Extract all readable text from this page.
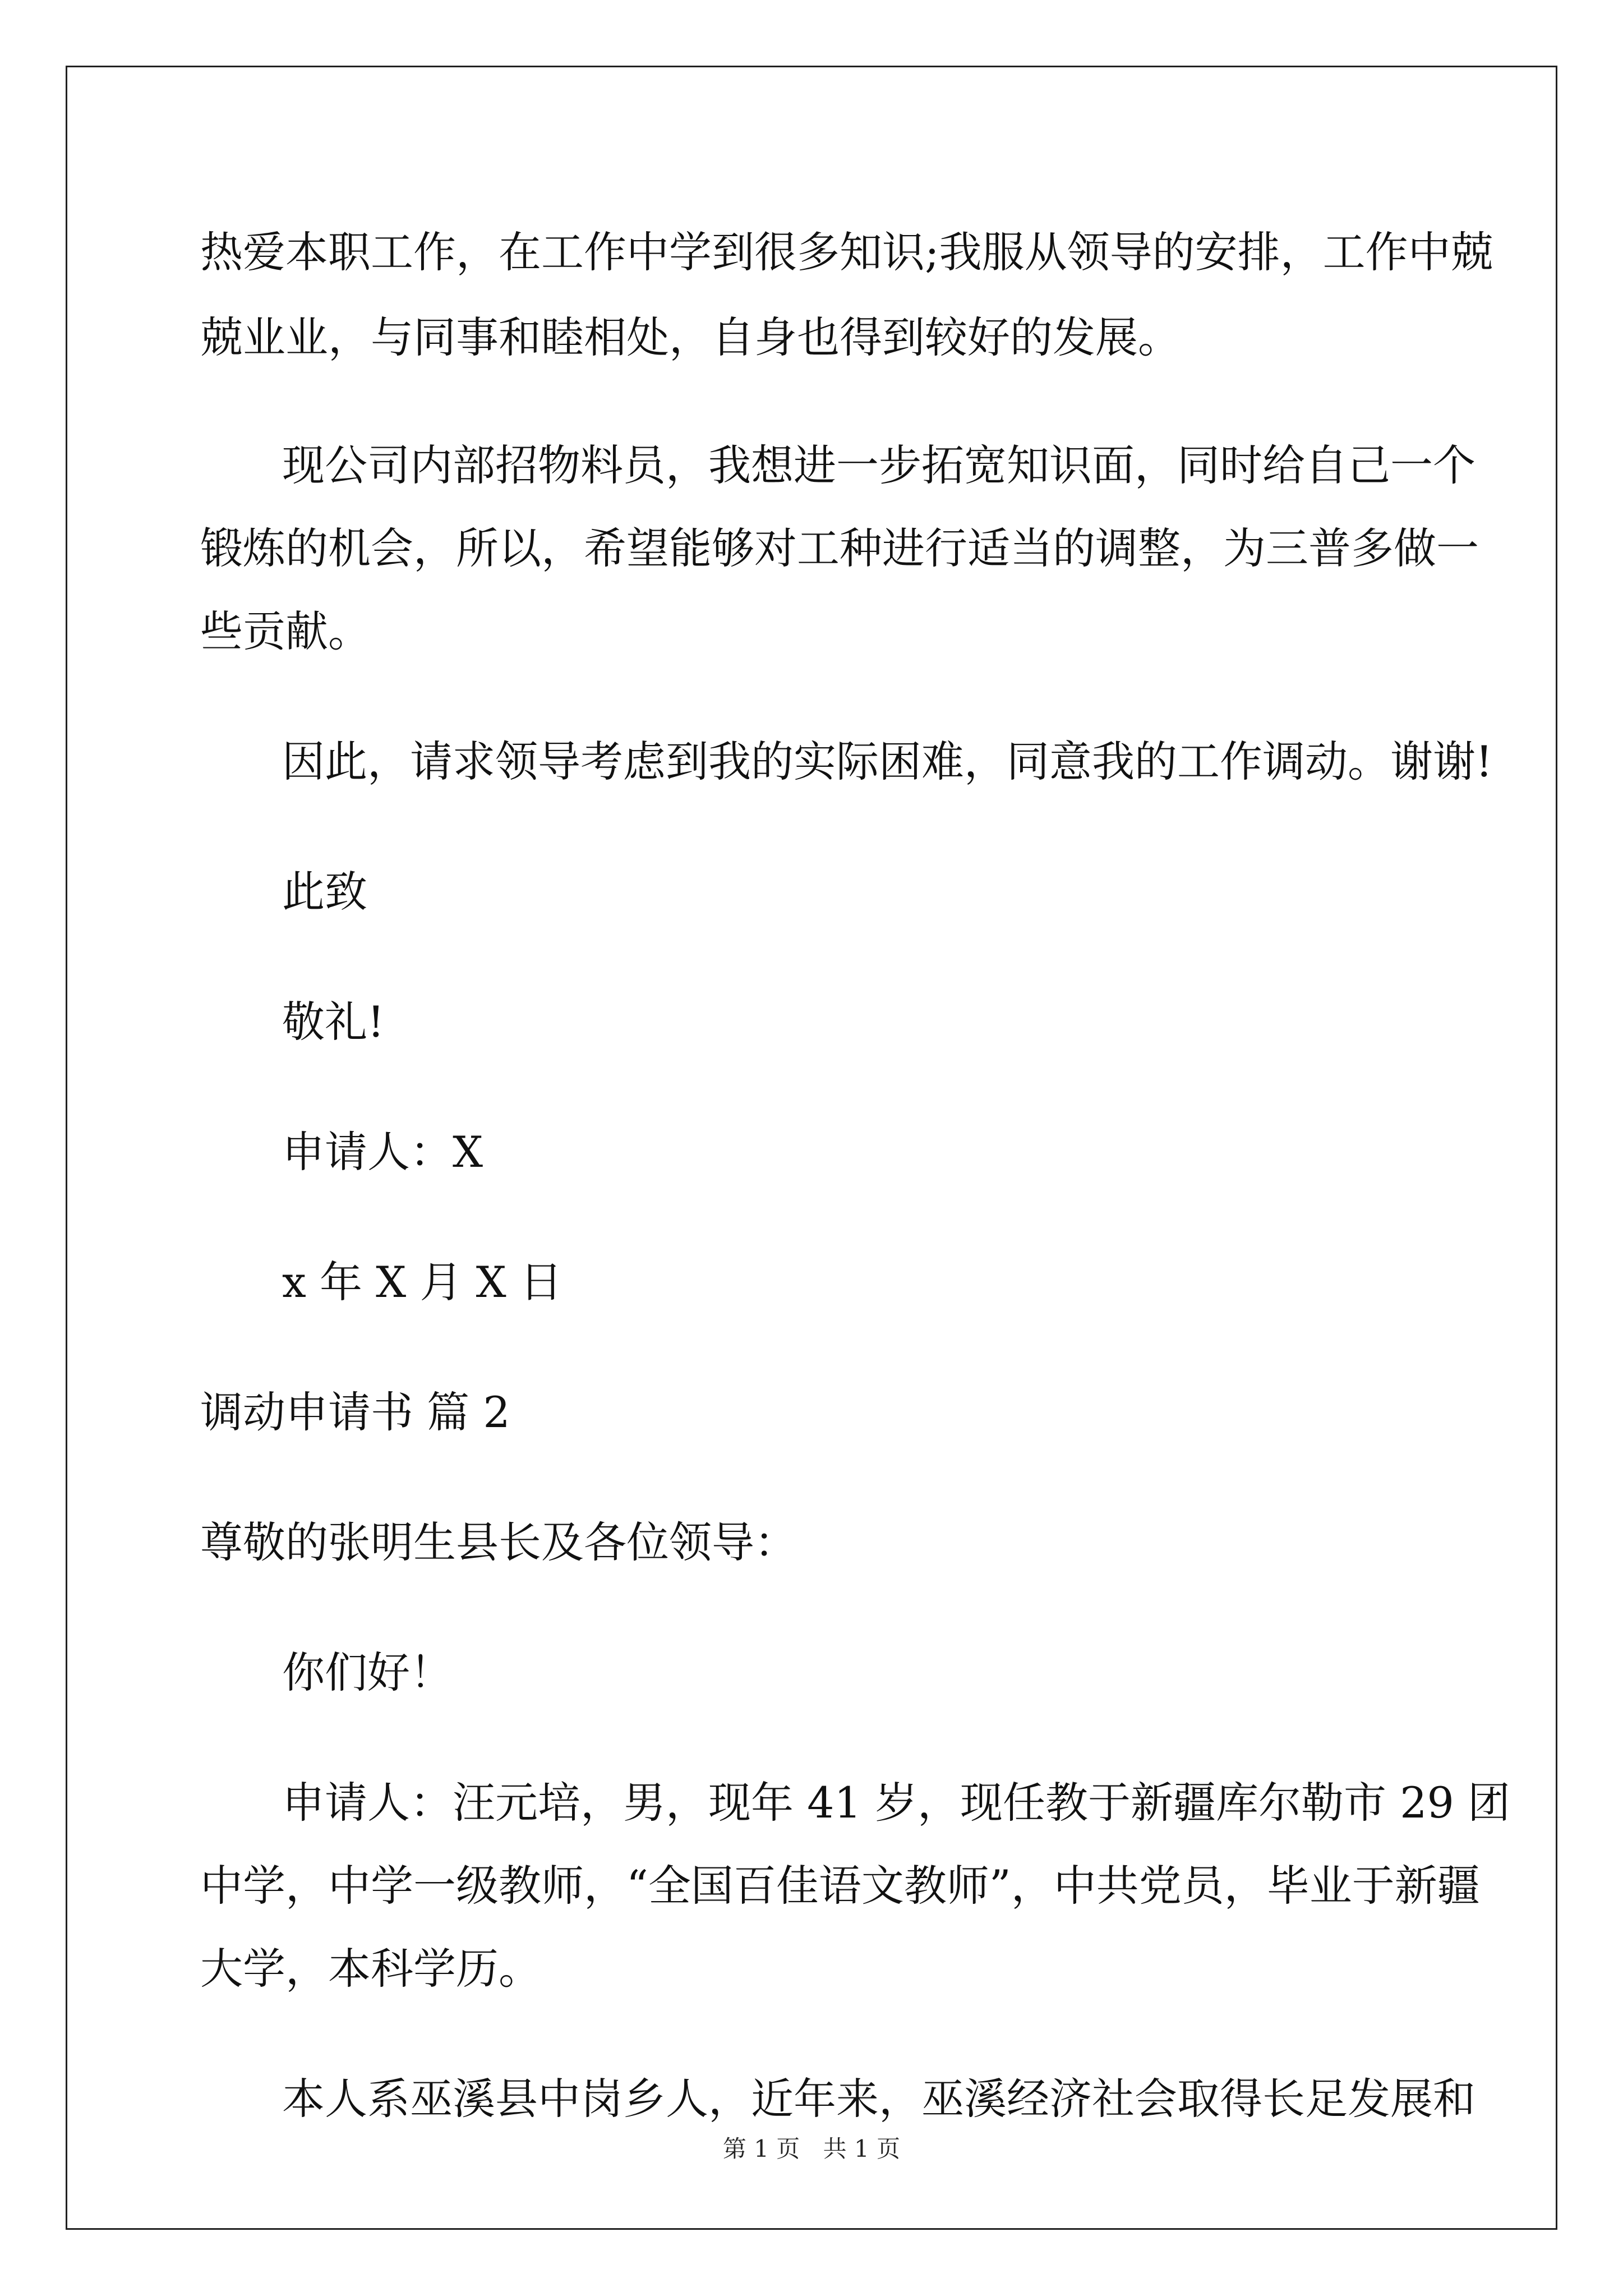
热爱本职工作，在工作中学到很多知识;我服从领导的安排，工作中兢
兢业业，与同事和睦相处，自身也得到较好的发展。
现公司内部招物料员，我想进一步拓宽知识面，同时给自己一个
锻炼的机会，所以，希望能够对工种进行适当的调整，为三普多做一
些贡献。
因此，请求领导考虑到我的实际困难，同意我的工作调动。谢谢!
此致
敬礼!
申请人：X
x 年 X 月 X 日
调动申请书 篇 2
尊敬的张明生县长及各位领导：
你们好！
申请人：汪元培，男，现年 41 岁，现任教于新疆库尔勒市 29 团
中学，中学一级教师，“全国百佳语文教师”，中共党员，毕业于新疆
大学，本科学历。
本人系巫溪县中岗乡人，近年来，巫溪经济社会取得长足发展和
第 1 页 共 1 页
